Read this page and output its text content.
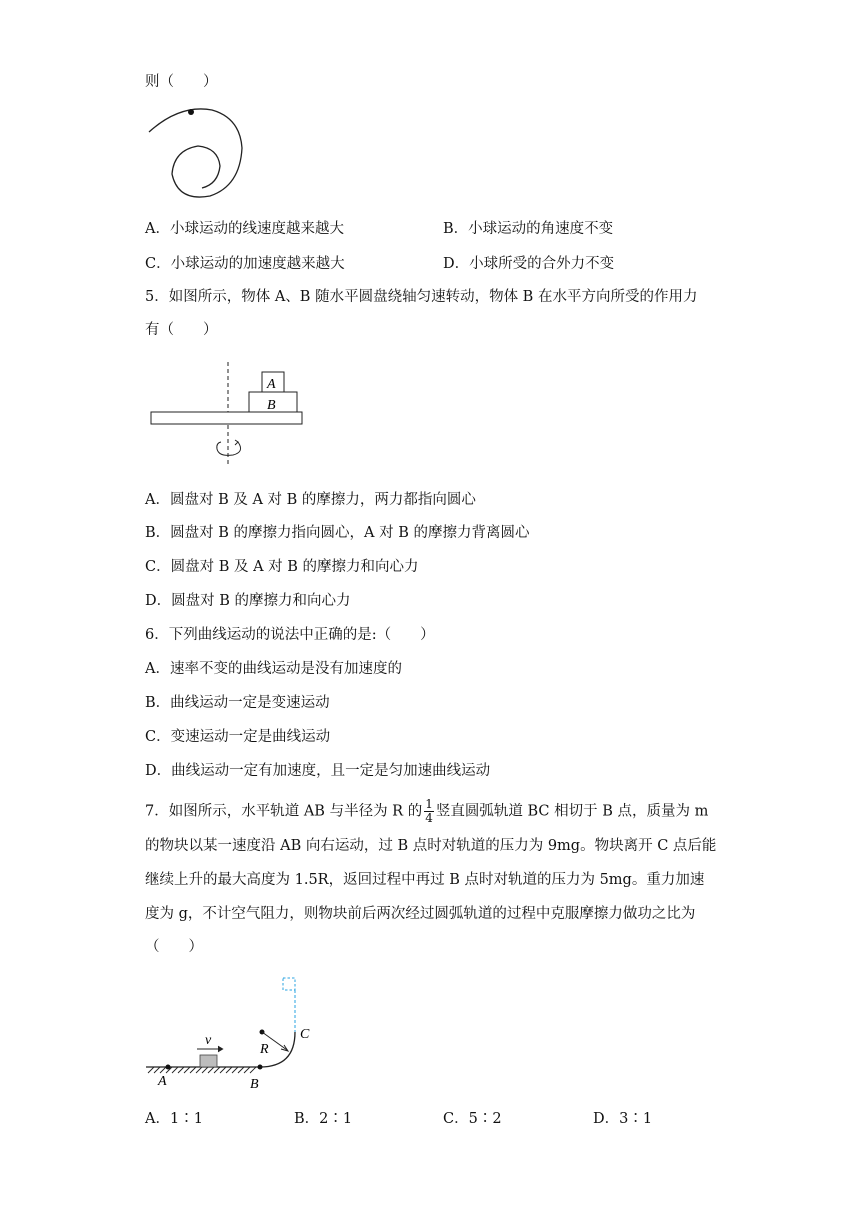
则（　　）
A．小球运动的线速度越来越大	B．小球运动的角速度不变
C．小球运动的加速度越来越大	D．小球所受的合外力不变
5．如图所示，物体 A、B 随水平圆盘绕轴匀速转动，物体 B 在水平方向所受的作用力
有（　　）
A
B
A．圆盘对 B 及 A 对 B 的摩擦力，两力都指向圆心
B．圆盘对 B 的摩擦力指向圆心，A 对 B 的摩擦力背离圆心
C．圆盘对 B 及 A 对 B 的摩擦力和向心力
D．圆盘对 B 的摩擦力和向心力
6．下列曲线运动的说法中正确的是:（　　）
A．速率不变的曲线运动是没有加速度的
B．曲线运动一定是变速运动
C．变速运动一定是曲线运动
D．曲线运动一定有加速度，且一定是匀加速曲线运动
7．如图所示，水平轨道 AB 与半径为 R 的 $\frac{1}{4}$ 竖直圆弧轨道 BC 相切于 B 点，质量为 m
的物块以某一速度沿 AB 向右运动，过 B 点时对轨道的压力为 9mg。物块离开 C 点后能
继续上升的最大高度为 1.5R，返回过程中再过 B 点时对轨道的压力为 5mg。重力加速
度为 g，不计空气阻力，则物块前后两次经过圆弧轨道的过程中克服摩擦力做功之比为
（　　）
v
R
C
A	B
A．1∶1	B．2∶1	C．5∶2	D．3∶1
